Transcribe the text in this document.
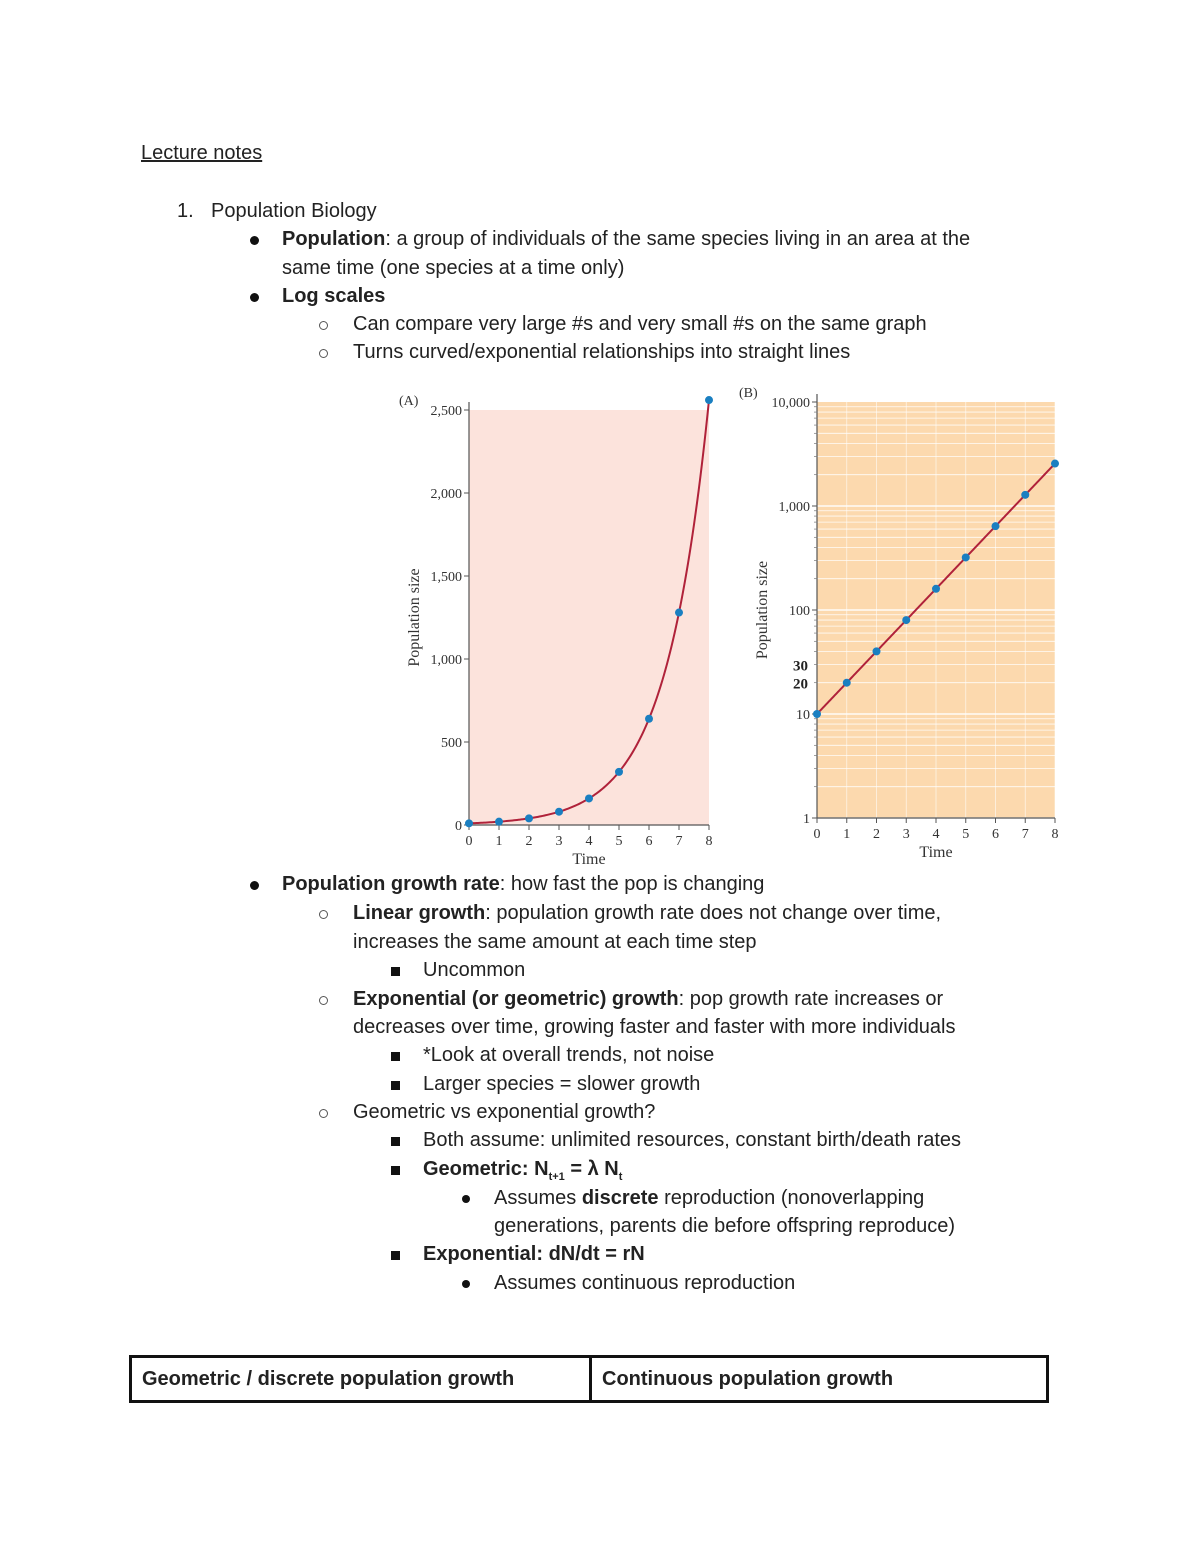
Lecture notes
1. Population Biology
Population: a group of individuals of the same species living in an area at the
same time (one species at a time only)
Log scales
Can compare very large #s and very small #s on the same graph
Turns curved/exponential relationships into straight lines
0
500
1,000
1,500
2,000
2,500
0 1 2 3 4 5 6 7 8
Time
Population size
(A)
1
10
100
1,000
10,000
30
20
0 1 2 3 4 5 6 7 8
Time
Population size
(B)
Population growth rate: how fast the pop is changing
Linear growth: population growth rate does not change over time,
increases the same amount at each time step
Uncommon
Exponential (or geometric) growth: pop growth rate increases or
decreases over time, growing faster and faster with more individuals
*Look at overall trends, not noise
Larger species = slower growth
Geometric vs exponential growth?
Both assume: unlimited resources, constant birth/death rates
Geometric: $N_{t+1} = \lambda$ $N_t$
Assumes discrete reproduction (nonoverlapping
generations, parents die before offspring reproduce)
Exponential: dN/dt = rN
Assumes continuous reproduction
Geometric / discrete population growth	Continuous population growth
